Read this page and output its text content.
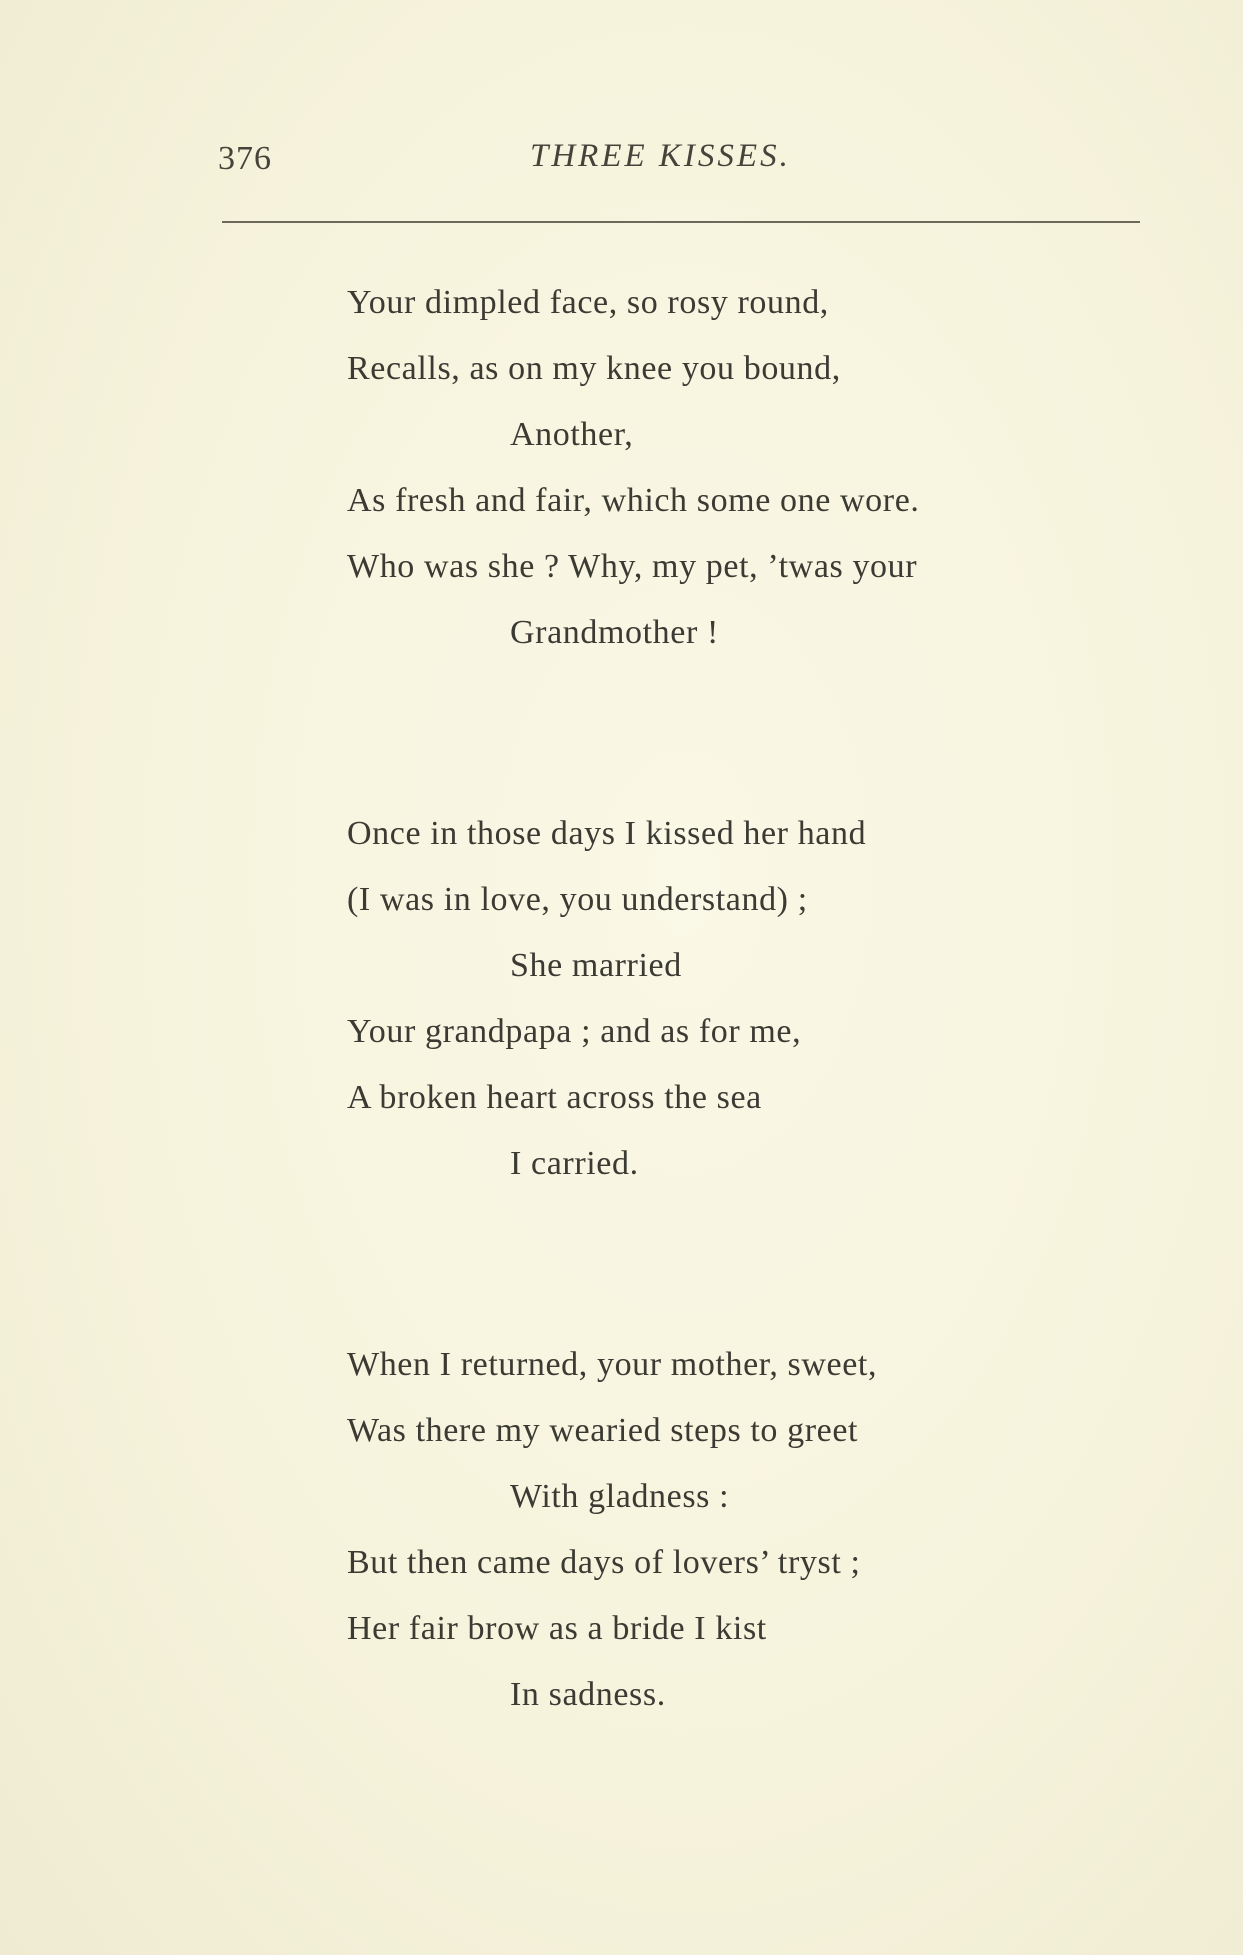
376	THREE KISSES.
Your dimpled face, so rosy round,
Recalls, as on my knee you bound,
Another,
As fresh and fair, which some one wore.
Who was she ? Why, my pet, ’twas your
Grandmother !
Once in those days I kissed her hand
(I was in love, you understand) ;
She married
Your grandpapa ; and as for me,
A broken heart across the sea
I carried.
When I returned, your mother, sweet,
Was there my wearied steps to greet
With gladness :
But then came days of lovers’ tryst ;
Her fair brow as a bride I kist
In sadness.
